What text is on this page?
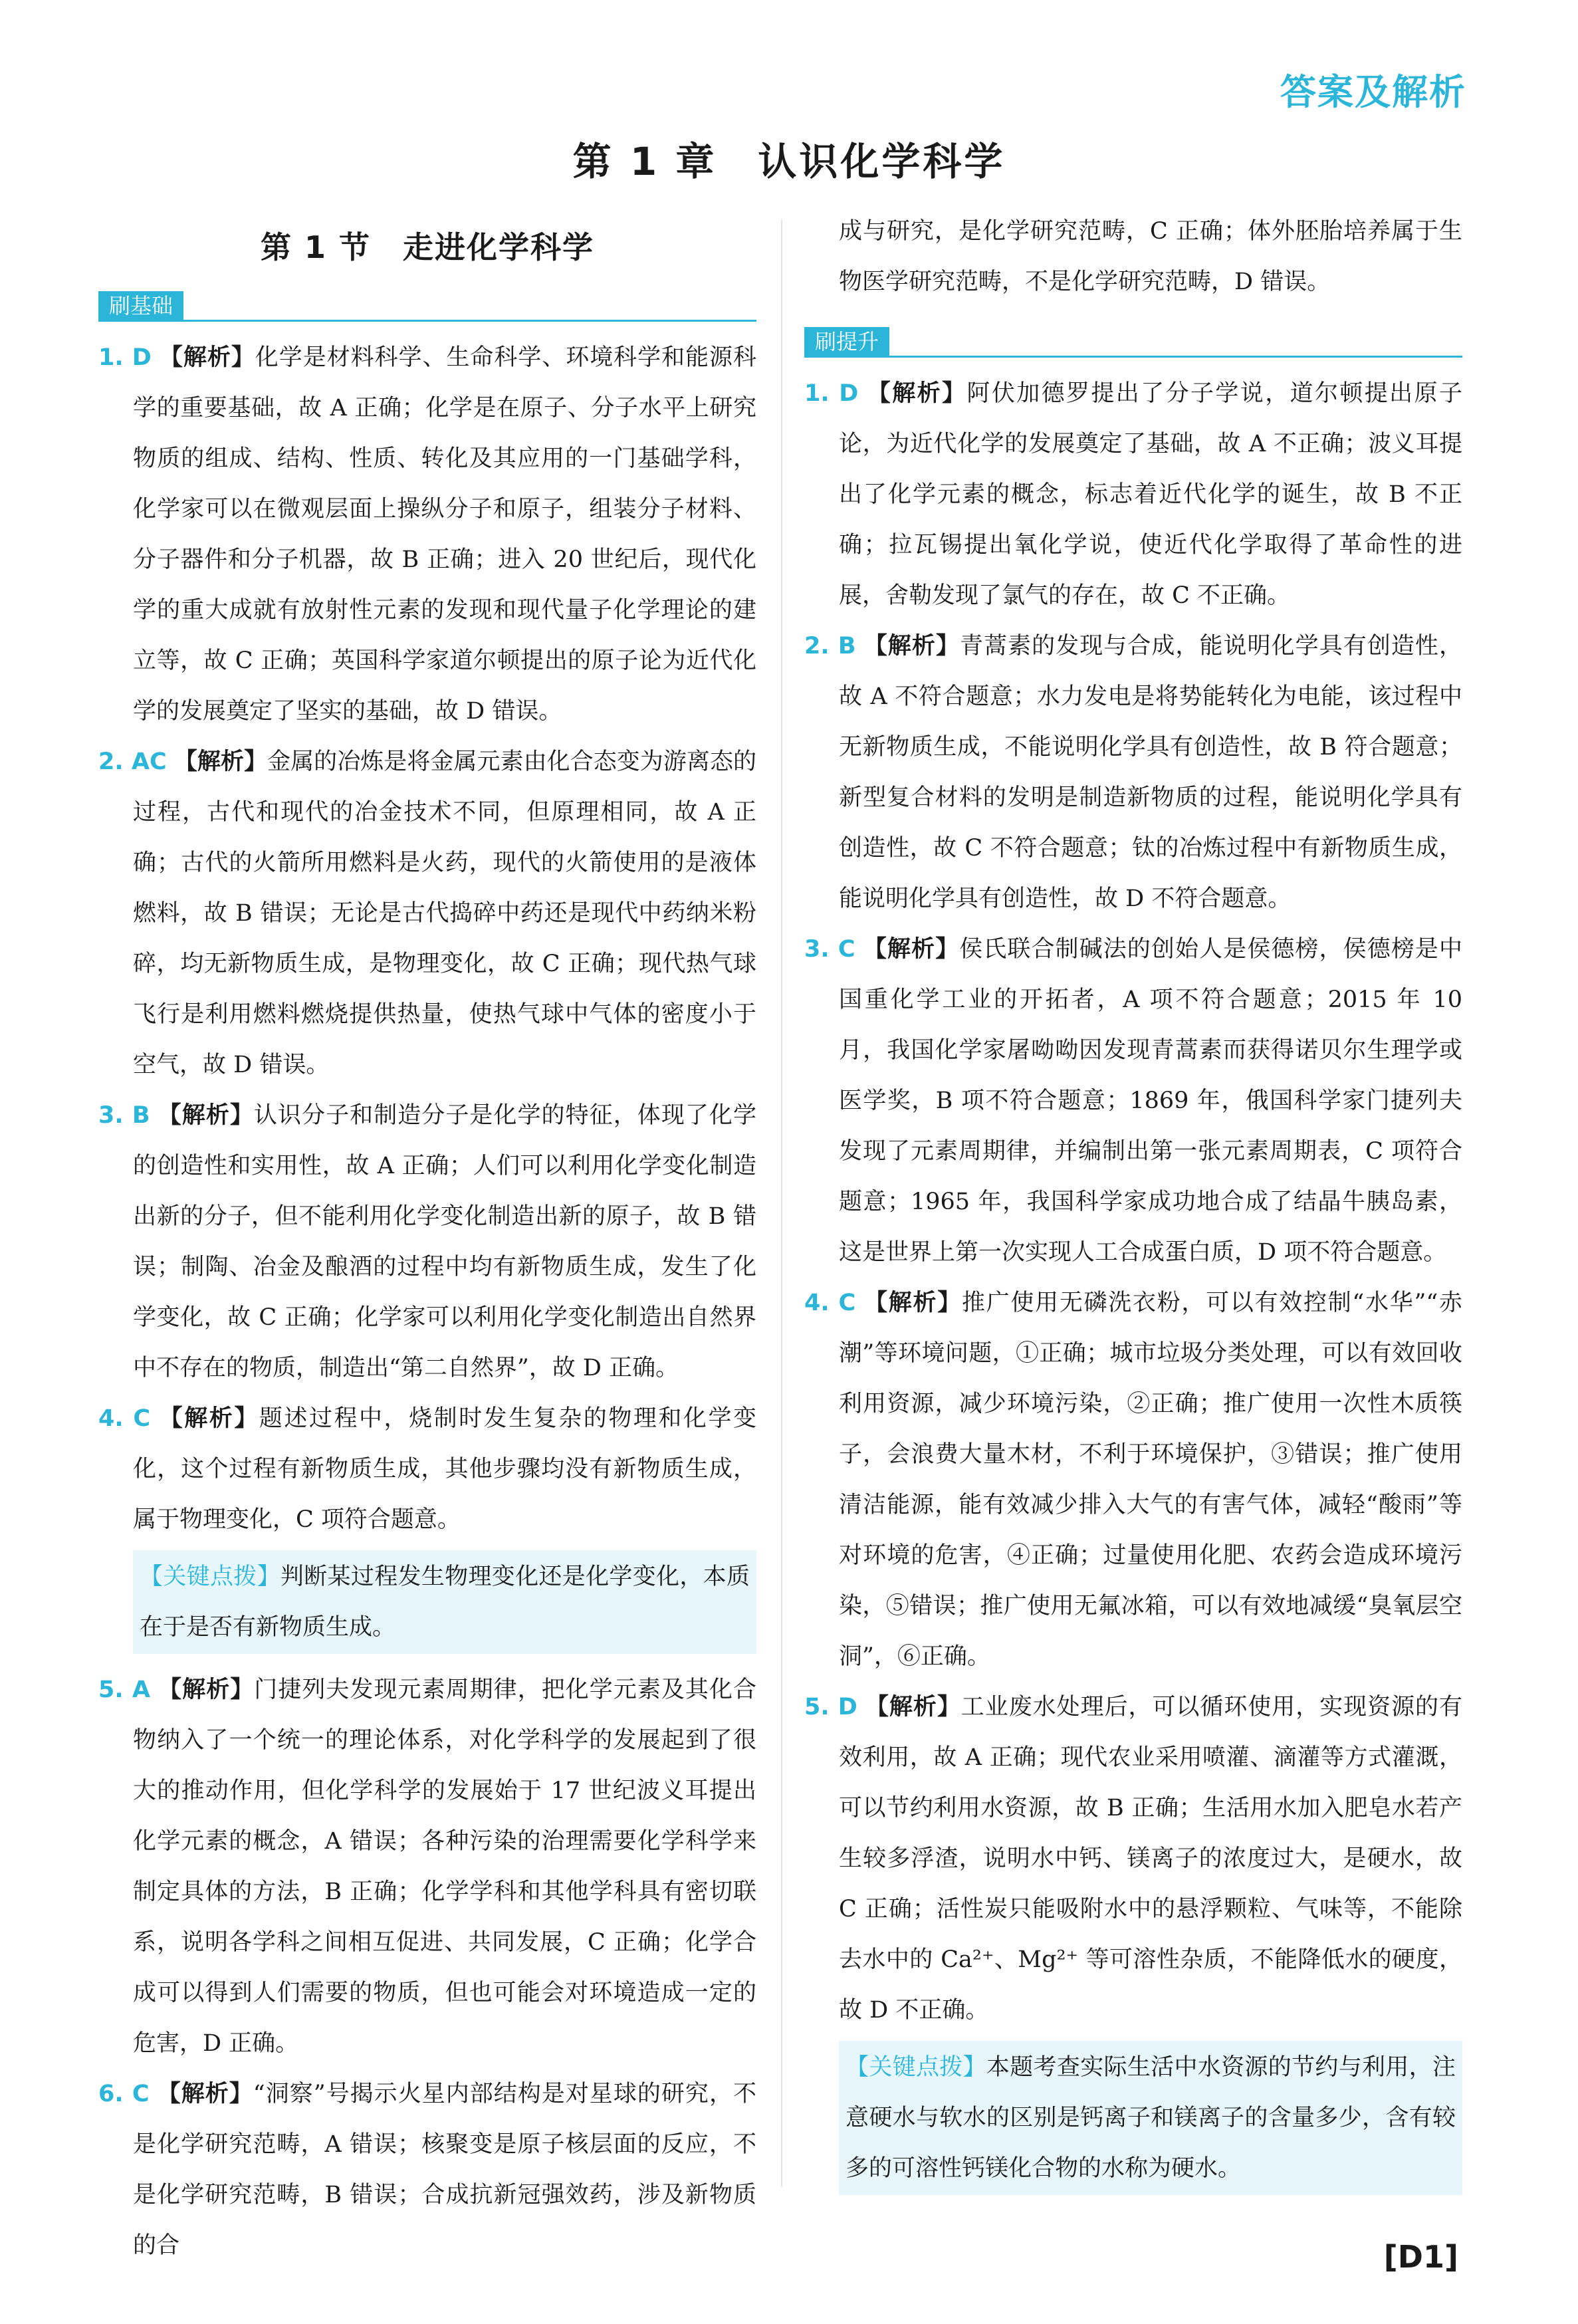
答案及解析
第 1 章　认识化学科学
第 1 节　走进化学科学
刷基础

1. D 【解析】化学是材料科学、生命科学、环境科学和能源科学的重要基础，故 A 正确；化学是在原子、分子水平上研究物质的组成、结构、性质、转化及其应用的一门基础学科，化学家可以在微观层面上操纵分子和原子，组装分子材料、分子器件和分子机器，故 B 正确；进入 20 世纪后，现代化学的重大成就有放射性元素的发现和现代量子化学理论的建立等，故 C 正确；英国科学家道尔顿提出的原子论为近代化学的发展奠定了坚实的基础，故 D 错误。

2. AC 【解析】金属的冶炼是将金属元素由化合态变为游离态的过程，古代和现代的冶金技术不同，但原理相同，故 A 正确；古代的火箭所用燃料是火药，现代的火箭使用的是液体燃料，故 B 错误；无论是古代捣碎中药还是现代中药纳米粉碎，均无新物质生成，是物理变化，故 C 正确；现代热气球飞行是利用燃料燃烧提供热量，使热气球中气体的密度小于空气，故 D 错误。

3. B 【解析】认识分子和制造分子是化学的特征，体现了化学的创造性和实用性，故 A 正确；人们可以利用化学变化制造出新的分子，但不能利用化学变化制造出新的原子，故 B 错误；制陶、冶金及酿酒的过程中均有新物质生成，发生了化学变化，故 C 正确；化学家可以利用化学变化制造出自然界中不存在的物质，制造出“第二自然界”，故 D 正确。

4. C 【解析】题述过程中，烧制时发生复杂的物理和化学变化，这个过程有新物质生成，其他步骤均没有新物质生成，属于物理变化，C 项符合题意。

【关键点拨】判断某过程发生物理变化还是化学变化，本质在于是否有新物质生成。

5. A 【解析】门捷列夫发现元素周期律，把化学元素及其化合物纳入了一个统一的理论体系，对化学科学的发展起到了很大的推动作用，但化学科学的发展始于 17 世纪波义耳提出化学元素的概念，A 错误；各种污染的治理需要化学科学来制定具体的方法，B 正确；化学学科和其他学科具有密切联系，说明各学科之间相互促进、共同发展，C 正确；化学合成可以得到人们需要的物质，但也可能会对环境造成一定的危害，D 正确。

6. C 【解析】“洞察”号揭示火星内部结构是对星球的研究，不是化学研究范畴，A 错误；核聚变是原子核层面的反应，不是化学研究范畴，B 错误；合成抗新冠强效药，涉及新物质的合

成与研究，是化学研究范畴，C 正确；体外胚胎培养属于生物医学研究范畴，不是化学研究范畴，D 错误。

刷提升

1. D 【解析】阿伏加德罗提出了分子学说，道尔顿提出原子论，为近代化学的发展奠定了基础，故 A 不正确；波义耳提出了化学元素的概念，标志着近代化学的诞生，故 B 不正确；拉瓦锡提出氧化学说，使近代化学取得了革命性的进展，舍勒发现了氯气的存在，故 C 不正确。

2. B 【解析】青蒿素的发现与合成，能说明化学具有创造性，故 A 不符合题意；水力发电是将势能转化为电能，该过程中无新物质生成，不能说明化学具有创造性，故 B 符合题意；新型复合材料的发明是制造新物质的过程，能说明化学具有创造性，故 C 不符合题意；钛的冶炼过程中有新物质生成，能说明化学具有创造性，故 D 不符合题意。

3. C 【解析】侯氏联合制碱法的创始人是侯德榜，侯德榜是中国重化学工业的开拓者，A 项不符合题意；2015 年 10 月，我国化学家屠呦呦因发现青蒿素而获得诺贝尔生理学或医学奖，B 项不符合题意；1869 年，俄国科学家门捷列夫发现了元素周期律，并编制出第一张元素周期表，C 项符合题意；1965 年，我国科学家成功地合成了结晶牛胰岛素，这是世界上第一次实现人工合成蛋白质，D 项不符合题意。

4. C 【解析】推广使用无磷洗衣粉，可以有效控制“水华”“赤潮”等环境问题，①正确；城市垃圾分类处理，可以有效回收利用资源，减少环境污染，②正确；推广使用一次性木质筷子，会浪费大量木材，不利于环境保护，③错误；推广使用清洁能源，能有效减少排入大气的有害气体，减轻“酸雨”等对环境的危害，④正确；过量使用化肥、农药会造成环境污染，⑤错误；推广使用无氟冰箱，可以有效地减缓“臭氧层空洞”，⑥正确。

5. D 【解析】工业废水处理后，可以循环使用，实现资源的有效利用，故 A 正确；现代农业采用喷灌、滴灌等方式灌溉，可以节约利用水资源，故 B 正确；生活用水加入肥皂水若产生较多浮渣，说明水中钙、镁离子的浓度过大，是硬水，故 C 正确；活性炭只能吸附水中的悬浮颗粒、气味等，不能除去水中的 Ca²⁺、Mg²⁺ 等可溶性杂质，不能降低水的硬度，故 D 不正确。

【关键点拨】本题考查实际生活中水资源的节约与利用，注意硬水与软水的区别是钙离子和镁离子的含量多少，含有较多的可溶性钙镁化合物的水称为硬水。

[D1]
